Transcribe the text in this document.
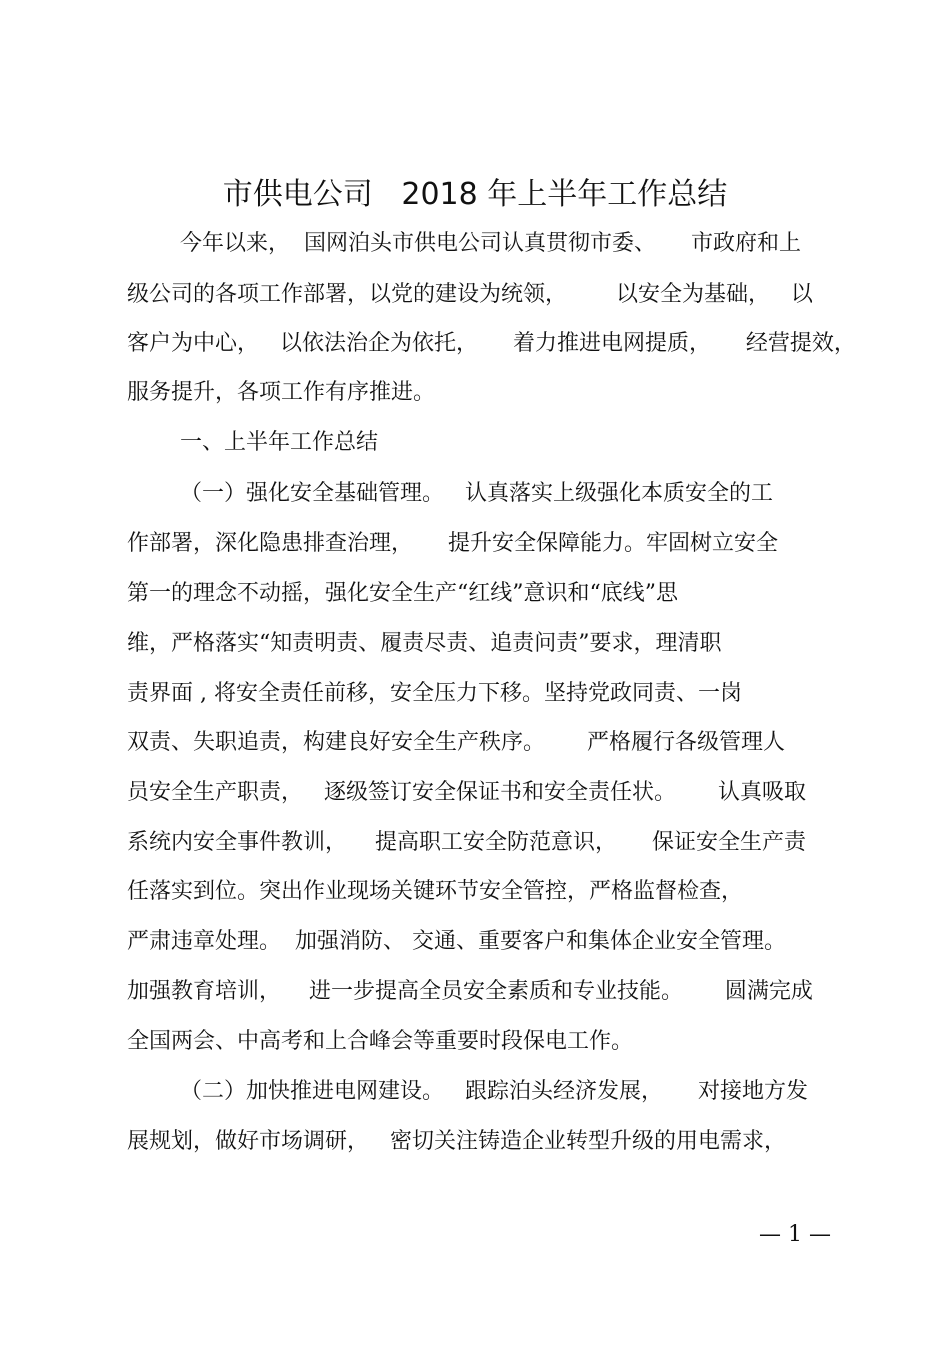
市供电公司   2018 年上半年工作总结
今年以来，  国网泊头市供电公司认真贯彻市委、     市政府和上
级公司的各项工作部署，以党的建设为统领，       以安全为基础，   以
客户为中心，   以依法治企为依托，     着力推进电网提质，     经营提效，
服务提升，各项工作有序推进。
一、上半年工作总结
（一）强化安全基础管理。   认真落实上级强化本质安全的工
作部署，深化隐患排查治理，     提升安全保障能力。牢固树立安全
第一的理念不动摇，强化安全生产“红线”意识和“底线”思
维，严格落实“知责明责、履责尽责、追责问责”要求，理清职
责界面 , 将安全责任前移，安全压力下移。坚持党政同责、一岗
双责、失职追责，构建良好安全生产秩序。      严格履行各级管理人
员安全生产职责，   逐级签订安全保证书和安全责任状。      认真吸取
系统内安全事件教训，    提高职工安全防范意识，     保证安全生产责
任落实到位。突出作业现场关键环节安全管控，严格监督检查，
严肃违章处理。  加强消防、 交通、重要客户和集体企业安全管理。
加强教育培训，    进一步提高全员安全素质和专业技能。      圆满完成
全国两会、中高考和上合峰会等重要时段保电工作。
（二）加快推进电网建设。   跟踪泊头经济发展，     对接地方发
展规划，做好市场调研，   密切关注铸造企业转型升级的用电需求，
— 1 —
